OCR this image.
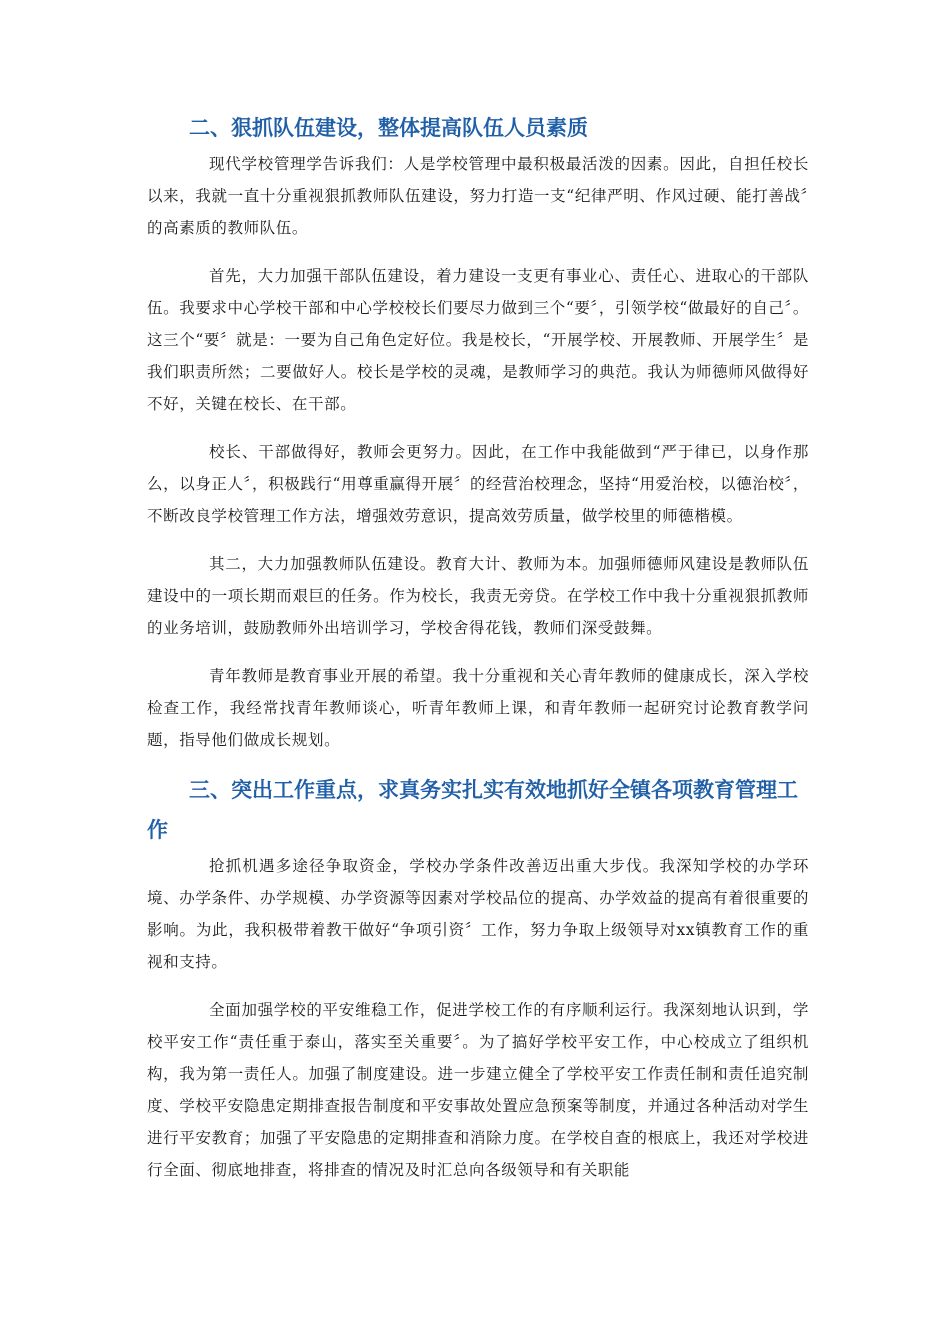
二、狠抓队伍建设，整体提高队伍人员素质

现代学校管理学告诉我们：人是学校管理中最积极最活泼的因素。因此，自担任校长以来，我就一直十分重视狠抓教师队伍建设，努力打造一支“纪律严明、作风过硬、能打善战〞的高素质的教师队伍。

首先，大力加强干部队伍建设，着力建设一支更有事业心、责任心、进取心的干部队伍。我要求中心学校干部和中心学校校长们要尽力做到三个“要〞，引领学校“做最好的自己〞。这三个“要〞就是：一要为自己角色定好位。我是校长，“开展学校、开展教师、开展学生〞是我们职责所然；二要做好人。校长是学校的灵魂，是教师学习的典范。我认为师德师风做得好不好，关键在校长、在干部。

校长、干部做得好，教师会更努力。因此，在工作中我能做到“严于律已，以身作那么，以身正人〞，积极践行“用尊重赢得开展〞的经营治校理念，坚持“用爱治校，以德治校〞，不断改良学校管理工作方法，增强效劳意识，提高效劳质量，做学校里的师德楷模。

其二，大力加强教师队伍建设。教育大计、教师为本。加强师德师风建设是教师队伍建设中的一项长期而艰巨的任务。作为校长，我责无旁贷。在学校工作中我十分重视狠抓教师的业务培训，鼓励教师外出培训学习，学校舍得花钱，教师们深受鼓舞。

青年教师是教育事业开展的希望。我十分重视和关心青年教师的健康成长，深入学校检查工作，我经常找青年教师谈心，听青年教师上课，和青年教师一起研究讨论教育教学问题，指导他们做成长规划。

三、突出工作重点，求真务实扎实有效地抓好全镇各项教育管理工作

抢抓机遇多途径争取资金，学校办学条件改善迈出重大步伐。我深知学校的办学环境、办学条件、办学规模、办学资源等因素对学校品位的提高、办学效益的提高有着很重要的影响。为此，我积极带着教干做好“争项引资〞工作，努力争取上级领导对xx镇教育工作的重视和支持。

全面加强学校的平安维稳工作，促进学校工作的有序顺利运行。我深刻地认识到，学校平安工作“责任重于泰山，落实至关重要〞。为了搞好学校平安工作，中心校成立了组织机构，我为第一责任人。加强了制度建设。进一步建立健全了学校平安工作责任制和责任追究制度、学校平安隐患定期排查报告制度和平安事故处置应急预案等制度，并通过各种活动对学生进行平安教育；加强了平安隐患的定期排查和消除力度。在学校自查的根底上，我还对学校进行全面、彻底地排查，将排查的情况及时汇总向各级领导和有关职能
